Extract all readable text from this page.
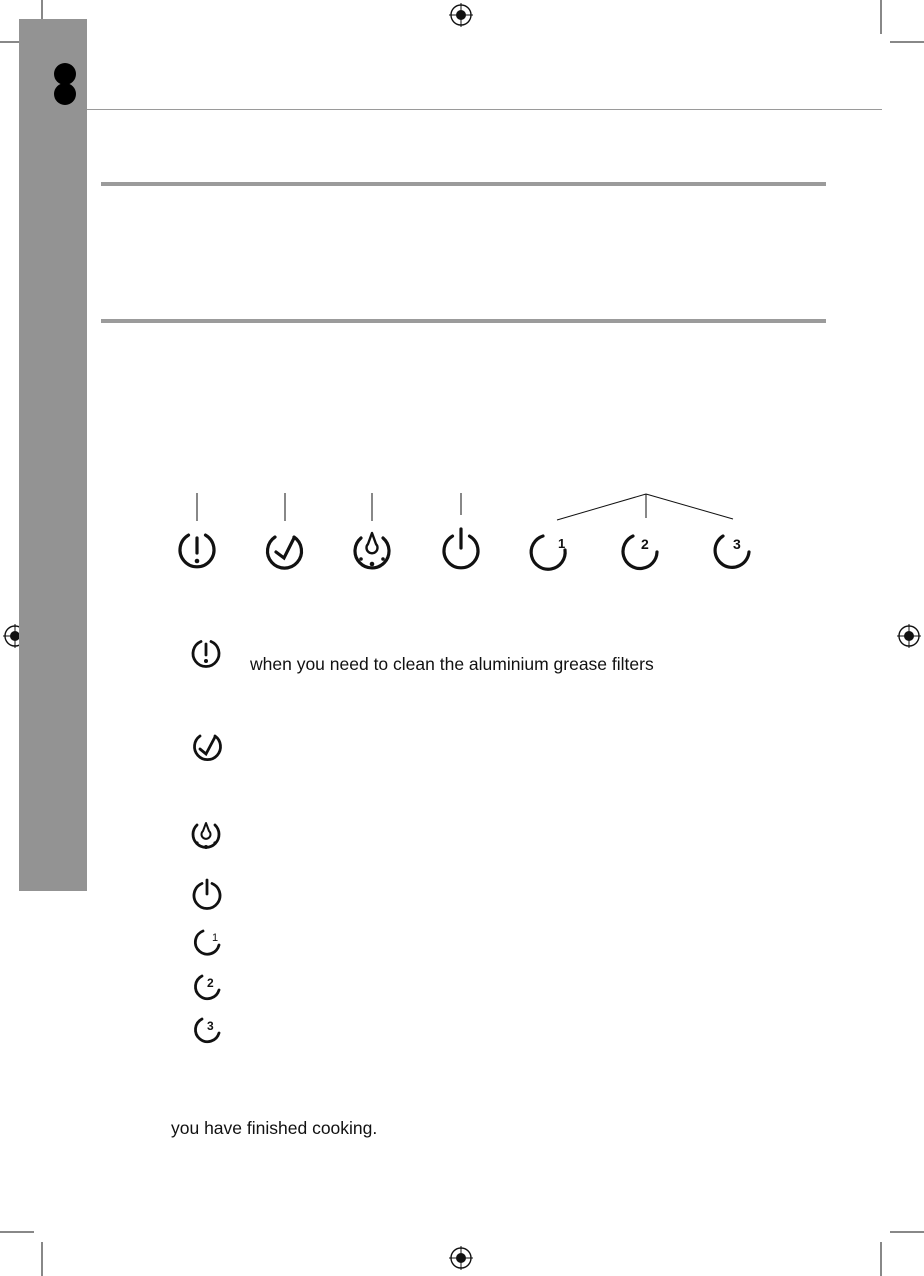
1	2	3
when you need to clean the aluminium grease filters
1
2
3
you have finished cooking.
